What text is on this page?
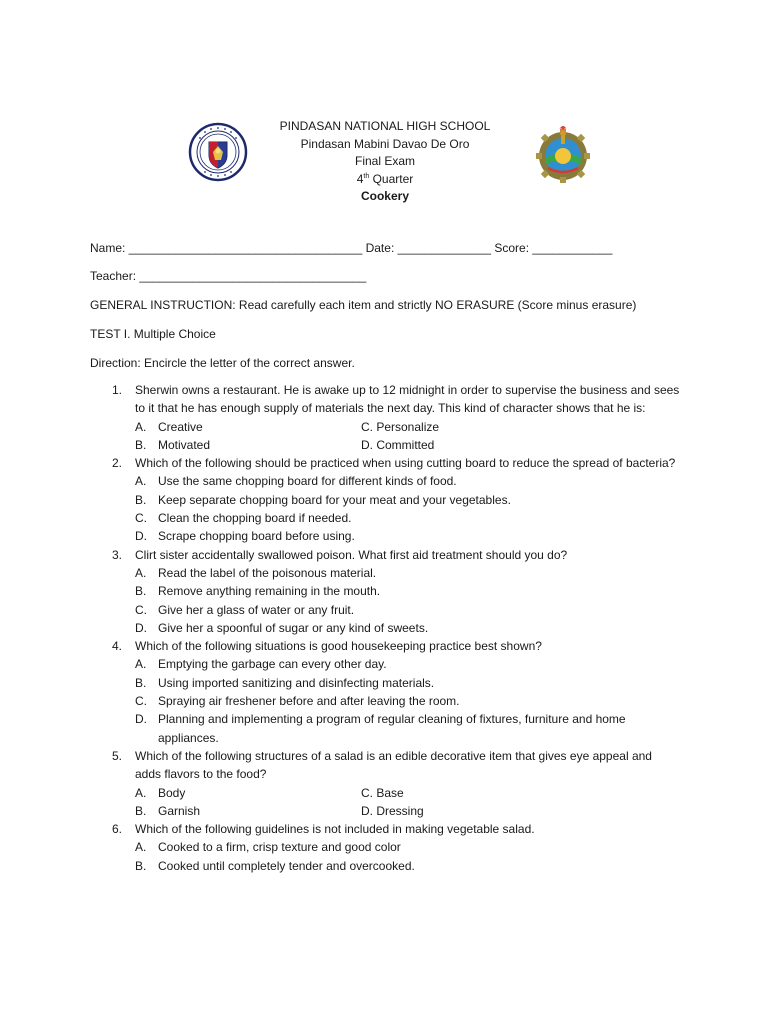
PINDASAN NATIONAL HIGH SCHOOL
Pindasan Mabini Davao De Oro
Final Exam
4th Quarter
Cookery
Name: ___________________________________ Date: ______________ Score: ____________
Teacher: __________________________________
GENERAL INSTRUCTION: Read carefully each item and strictly NO ERASURE (Score minus erasure)
TEST I. Multiple Choice
Direction: Encircle the letter of the correct answer.
1. Sherwin owns a restaurant. He is awake up to 12 midnight in order to supervise the business and sees to it that he has enough supply of materials the next day. This kind of character shows that he is:
A. Creative	C. Personalize
B. Motivated	D. Committed
2. Which of the following should be practiced when using cutting board to reduce the spread of bacteria?
A. Use the same chopping board for different kinds of food.
B. Keep separate chopping board for your meat and your vegetables.
C. Clean the chopping board if needed.
D. Scrape chopping board before using.
3. Clirt sister accidentally swallowed poison. What first aid treatment should you do?
A. Read the label of the poisonous material.
B. Remove anything remaining in the mouth.
C. Give her a glass of water or any fruit.
D. Give her a spoonful of sugar or any kind of sweets.
4. Which of the following situations is good housekeeping practice best shown?
A. Emptying the garbage can every other day.
B. Using imported sanitizing and disinfecting materials.
C. Spraying air freshener before and after leaving the room.
D. Planning and implementing a program of regular cleaning of fixtures, furniture and home appliances.
5. Which of the following structures of a salad is an edible decorative item that gives eye appeal and adds flavors to the food?
A. Body	C. Base
B. Garnish	D. Dressing
6. Which of the following guidelines is not included in making vegetable salad.
A. Cooked to a firm, crisp texture and good color
B. Cooked until completely tender and overcooked.
